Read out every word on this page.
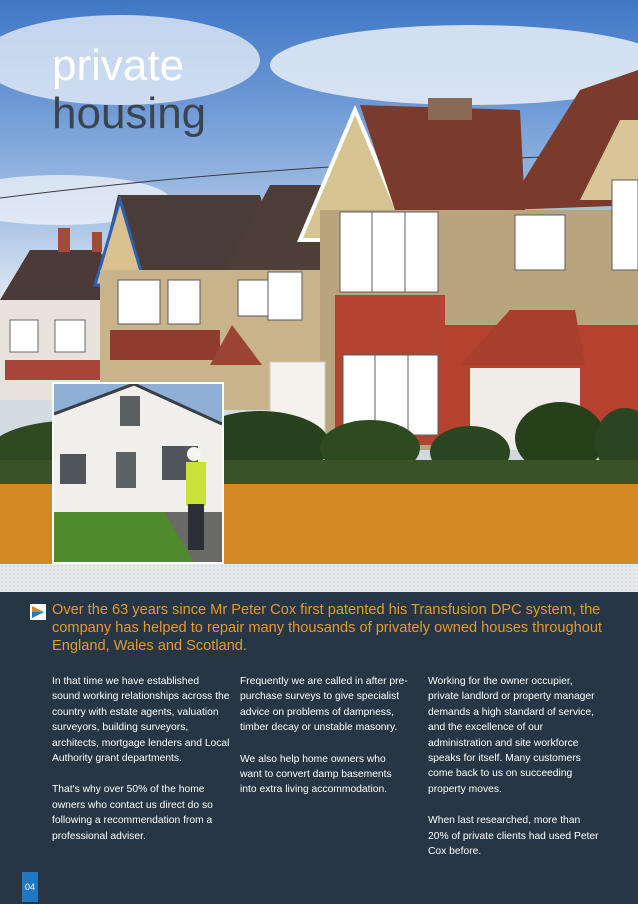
private
housing
Over the 63 years since Mr Peter Cox first patented his Transfusion DPC system, the company has helped to repair many thousands of privately owned houses throughout England, Wales and Scotland.

In that time we have established sound working relationships across the country with estate agents, valuation surveyors, building surveyors, architects, mortgage lenders and Local Authority grant departments.

That's why over 50% of the home owners who contact us direct do so following a recommendation from a professional adviser.

Frequently we are called in after pre-purchase surveys to give specialist advice on problems of dampness, timber decay or unstable masonry.

We also help home owners who want to convert damp basements into extra living accommodation.

Working for the owner occupier, private landlord or property manager demands a high standard of service, and the excellence of our administration and site workforce speaks for itself. Many customers come back to us on succeeding property moves.

When last researched, more than 20% of private clients had used Peter Cox before.

04
